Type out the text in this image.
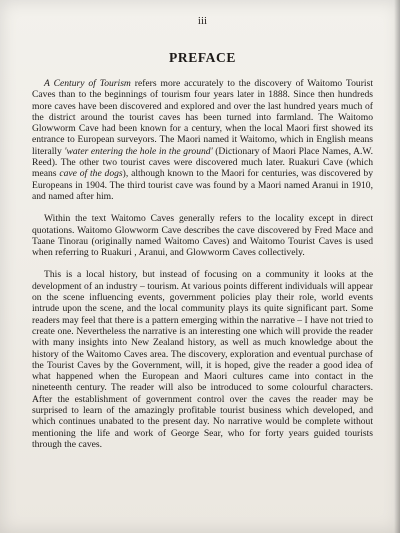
iii
PREFACE

A Century of Tourism refers more accurately to the discovery of Waitomo Tourist Caves than to the beginnings of tourism four years later in 1888. Since then hundreds more caves have been discovered and explored and over the last hundred years much of the district around the tourist caves has been turned into farmland. The Waitomo Glowworm Cave had been known for a century, when the local Maori first showed its entrance to European surveyors. The Maori named it Waitomo, which in English means literally 'water entering the hole in the ground' (Dictionary of Maori Place Names, A.W. Reed). The other two tourist caves were discovered much later. Ruakuri Cave (which means cave of the dogs), although known to the Maori for centuries, was discovered by Europeans in 1904. The third tourist cave was found by a Maori named Aranui in 1910, and named after him.

Within the text Waitomo Caves generally refers to the locality except in direct quotations. Waitomo Glowworm Cave describes the cave discovered by Fred Mace and Taane Tinorau (originally named Waitomo Caves) and Waitomo Tourist Caves is used when referring to Ruakuri , Aranui, and Glowworm Caves collectively.

This is a local history, but instead of focusing on a community it looks at the development of an industry – tourism. At various points different individuals will appear on the scene influencing events, government policies play their role, world events intrude upon the scene, and the local community plays its quite significant part. Some readers may feel that there is a pattern emerging within the narrative – I have not tried to create one. Nevertheless the narrative is an interesting one which will provide the reader with many insights into New Zealand history, as well as much knowledge about the history of the Waitomo Caves area. The discovery, exploration and eventual purchase of the Tourist Caves by the Government, will, it is hoped, give the reader a good idea of what happened when the European and Maori cultures came into contact in the nineteenth century. The reader will also be introduced to some colourful characters. After the establishment of government control over the caves the reader may be surprised to learn of the amazingly profitable tourist business which developed, and which continues unabated to the present day. No narrative would be complete without mentioning the life and work of George Sear, who for forty years guided tourists through the caves.
